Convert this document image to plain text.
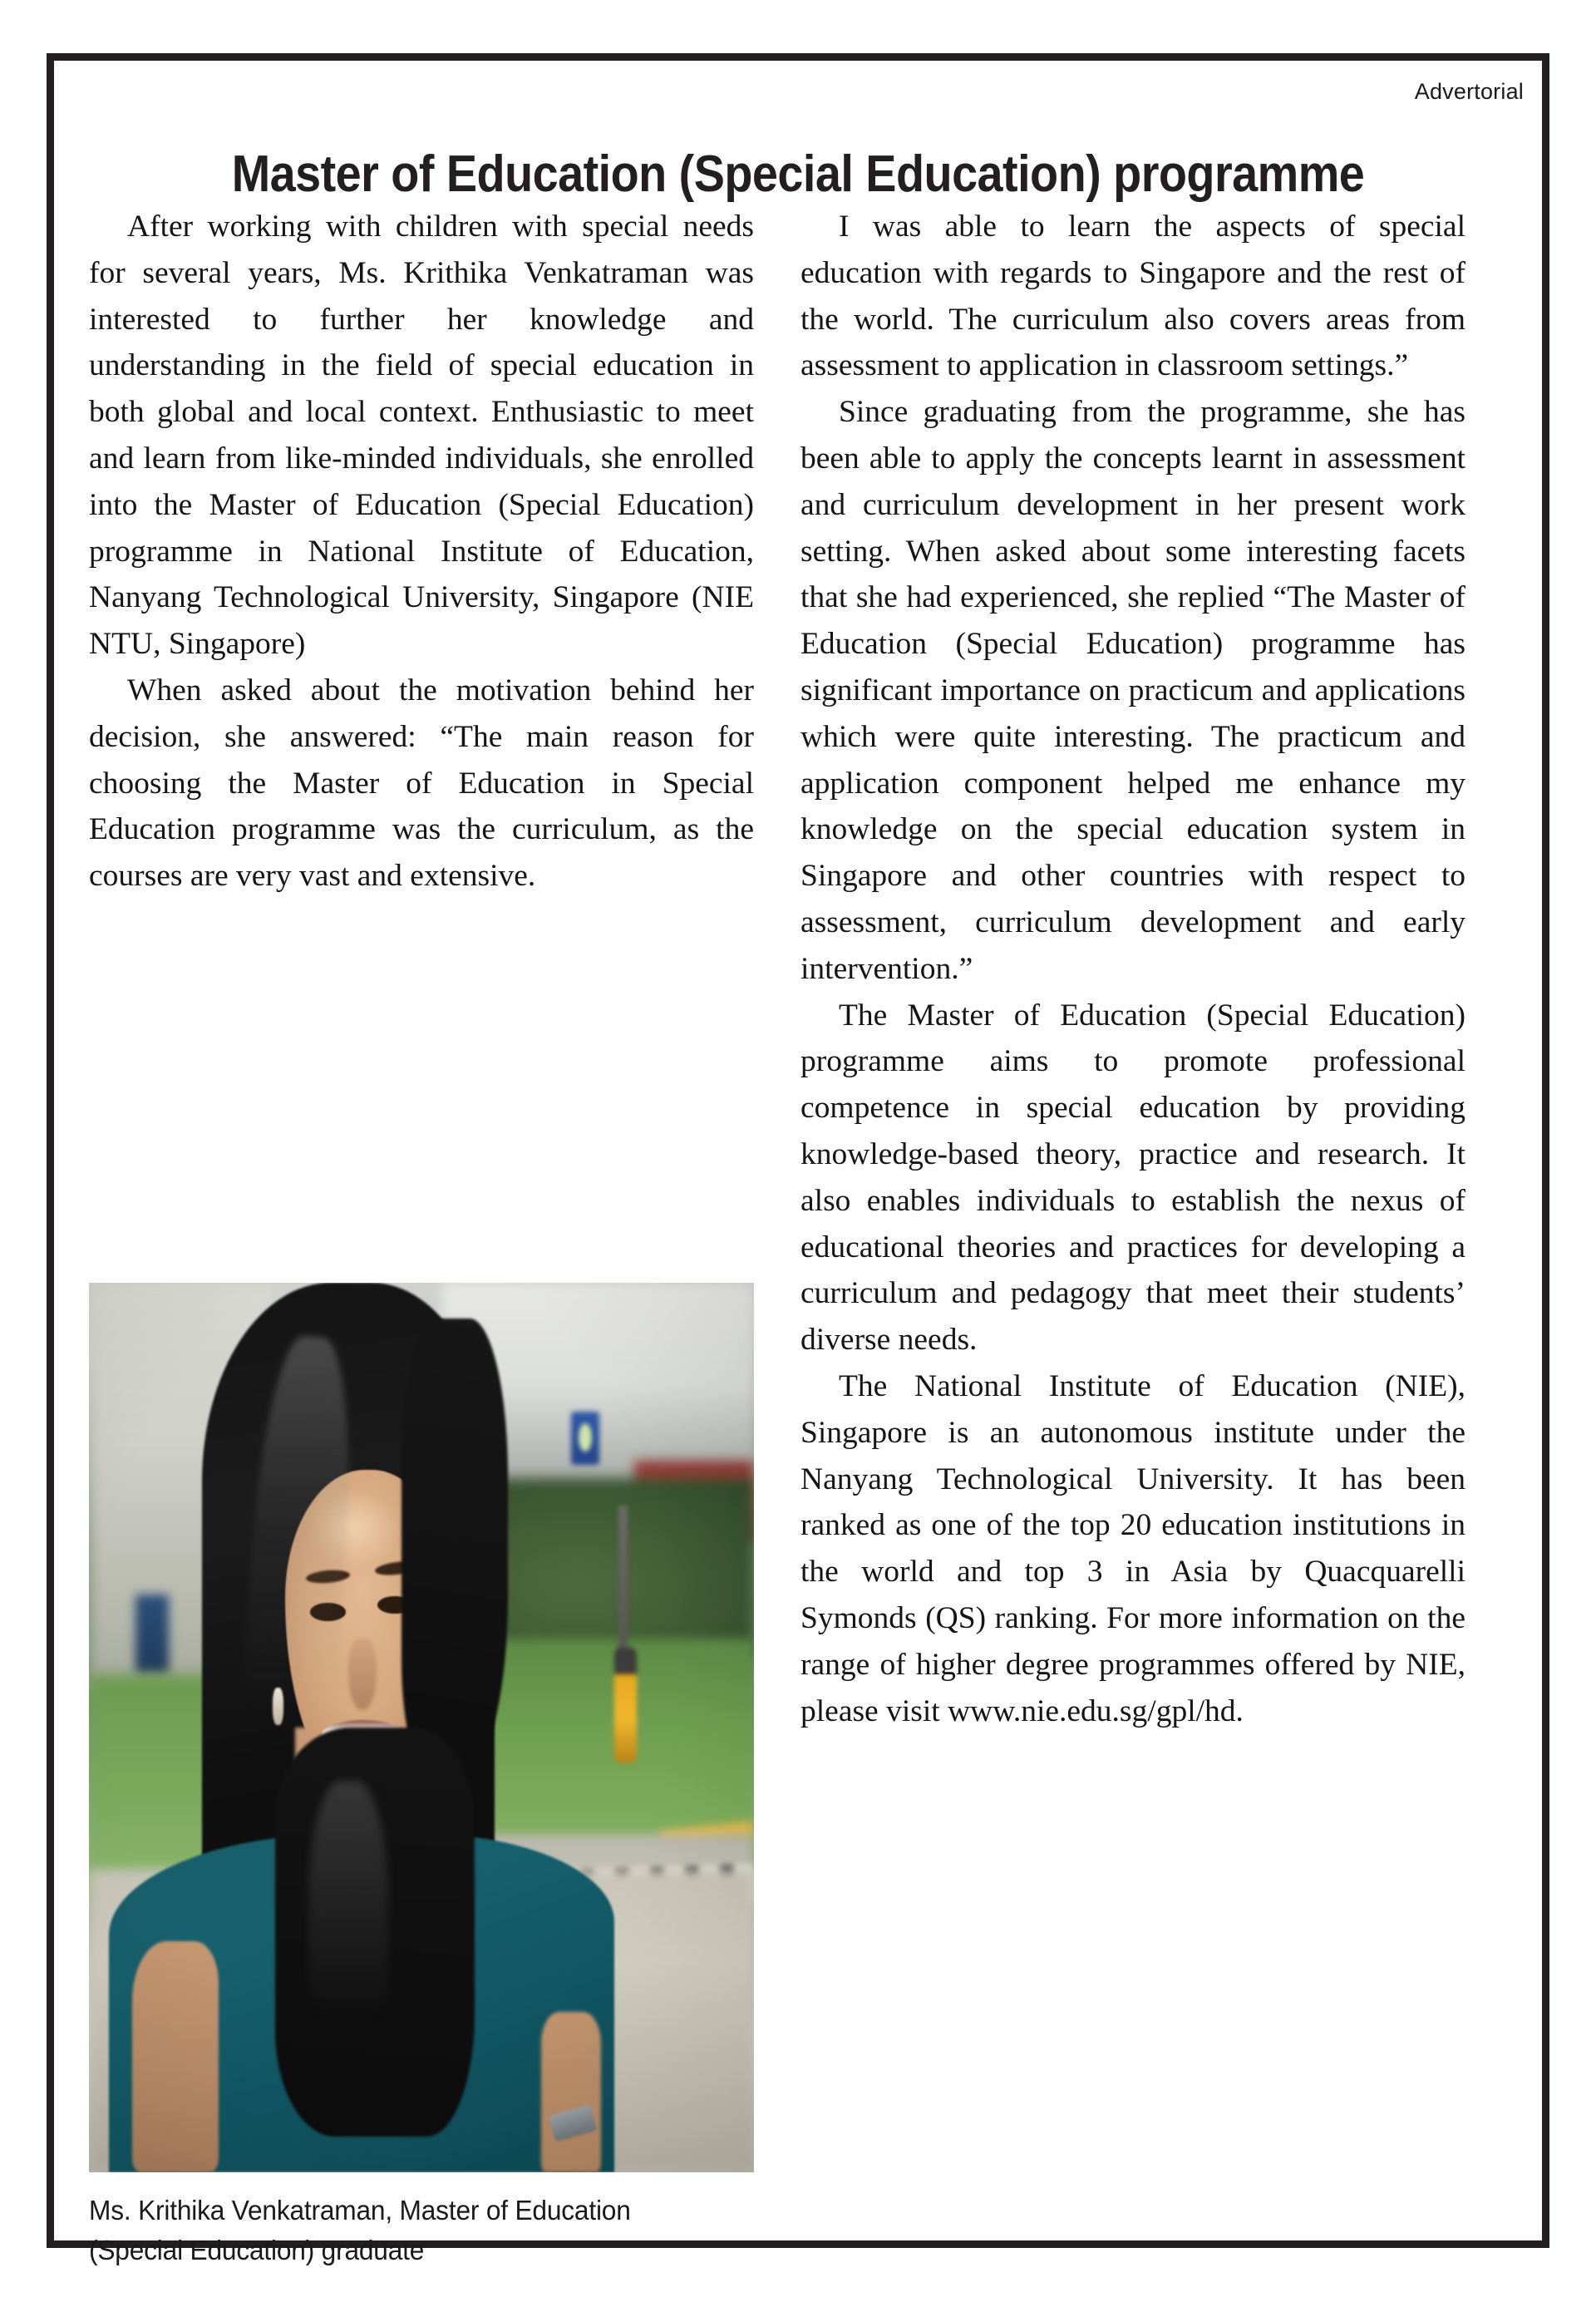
Advertorial
Master of Education (Special Education) programme

After working with children with special needs for several years, Ms. Krithika Venkatraman was interested to further her knowledge and understanding in the field of special education in both global and local context. Enthusiastic to meet and learn from like-minded individuals, she enrolled into the Master of Education (Special Education) programme in National Institute of Education, Nanyang Technological University, Singapore (NIE NTU, Singapore)

When asked about the motivation behind her decision, she answered: “The main reason for choosing the Master of Education in Special Education programme was the curriculum, as the courses are very vast and extensive.

Ms. Krithika Venkatraman, Master of Education (Special Education) graduate

I was able to learn the aspects of special education with regards to Singapore and the rest of the world. The curriculum also covers areas from assessment to application in classroom settings.”

Since graduating from the programme, she has been able to apply the concepts learnt in assessment and curriculum development in her present work setting. When asked about some interesting facets that she had experienced, she replied “The Master of Education (Special Education) programme has significant importance on practicum and applications which were quite interesting. The practicum and application component helped me enhance my knowledge on the special education system in Singapore and other countries with respect to assessment, curriculum development and early intervention.”

The Master of Education (Special Education) programme aims to promote professional competence in special education by providing knowledge-based theory, practice and research. It also enables individuals to establish the nexus of educational theories and practices for developing a curriculum and pedagogy that meet their students’ diverse needs.

The National Institute of Education (NIE), Singapore is an autonomous institute under the Nanyang Technological University. It has been ranked as one of the top 20 education institutions in the world and top 3 in Asia by Quacquarelli Symonds (QS) ranking. For more information on the range of higher degree programmes offered by NIE, please visit www.nie.edu.sg/gpl/hd.
